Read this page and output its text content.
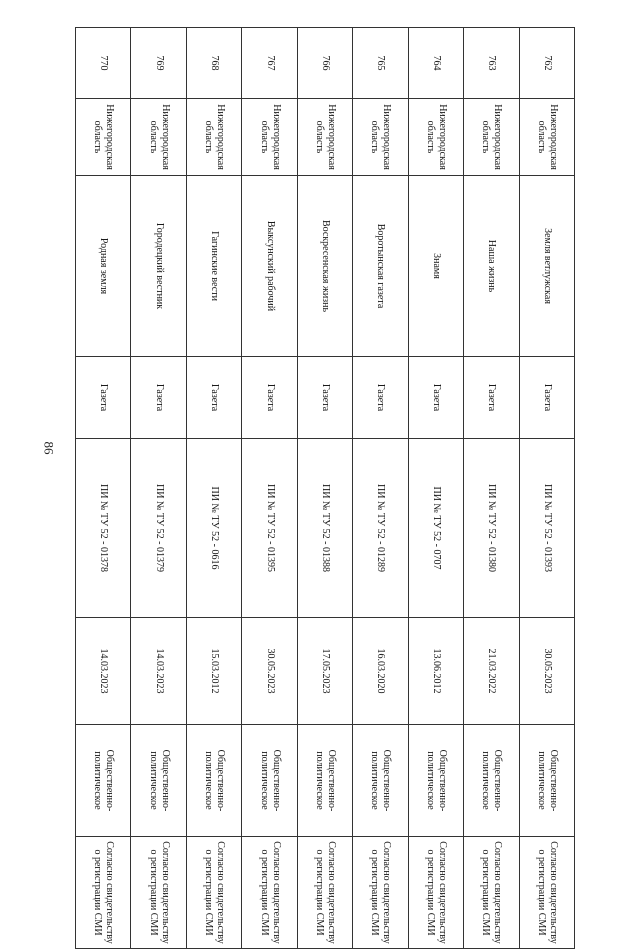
86
762	Нижегородская область	Земля ветлужская	Газета	ПИ № ТУ 52 - 01393	30.05.2023	Общественно-политическое	Согласно свидетельству о регистрации СМИ
763	Нижегородская область	Наша жизнь	Газета	ПИ № ТУ 52 - 01380	21.03.2022	Общественно-политическое	Согласно свидетельству о регистрации СМИ
764	Нижегородская область	Знамя	Газета	ПИ № ТУ 52 - 0707	13.06.2012	Общественно-политическое	Согласно свидетельству о регистрации СМИ
765	Нижегородская область	Воротынская газета	Газета	ПИ № ТУ 52 - 01289	16.03.2020	Общественно-политическое	Согласно свидетельству о регистрации СМИ
766	Нижегородская область	Воскресенская жизнь	Газета	ПИ № ТУ 52 - 01388	17.05.2023	Общественно-политическое	Согласно свидетельству о регистрации СМИ
767	Нижегородская область	Выксунский рабочий	Газета	ПИ № ТУ 52 - 01395	30.05.2023	Общественно-политическое	Согласно свидетельству о регистрации СМИ
768	Нижегородская область	Гагинские вести	Газета	ПИ № ТУ 52 - 0616	15.03.2012	Общественно-политическое	Согласно свидетельству о регистрации СМИ
769	Нижегородская область	Городецкий вестник	Газета	ПИ № ТУ 52 - 01379	14.03.2023	Общественно-политическое	Согласно свидетельству о регистрации СМИ
770	Нижегородская область	Родная земля	Газета	ПИ № ТУ 52 - 01378	14.03.2023	Общественно-политическое	Согласно свидетельству о регистрации СМИ
